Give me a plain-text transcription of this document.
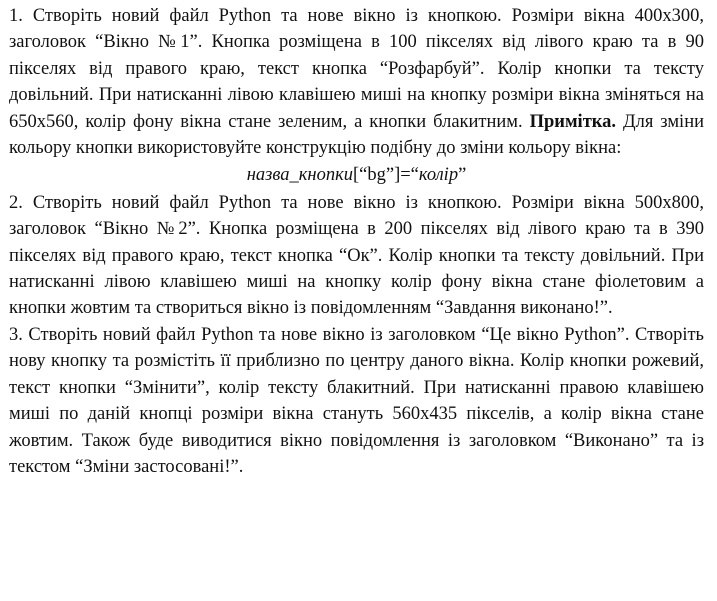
1. Створіть новий файл Python та нове вікно із кнопкою. Розміри вікна 400x300, заголовок “Вікно №1”. Кнопка розміщена в 100 пікселях від лівого краю та в 90 пікселях від правого краю, текст кнопка “Розфарбуй”. Колір кнопки та тексту довільний. При натисканні лівою клавішею миші на кнопку розміри вікна зміняться на 650x560, колір фону вікна стане зеленим, а кнопки блакитним. Примітка. Для зміни кольору кнопки використовуйте конструкцію подібну до зміни кольору вікна:

назва_кнопки[“bg”]=“колір”

2. Створіть новий файл Python та нове вікно із кнопкою. Розміри вікна 500x800, заголовок “Вікно №2”. Кнопка розміщена в 200 пікселях від лівого краю та в 390 пікселях від правого краю, текст кнопка “Ок”. Колір кнопки та тексту довільний. При натисканні лівою клавішею миші на кнопку колір фону вікна стане фіолетовим а кнопки жовтим та створиться вікно із повідомленням “Завдання виконано!”.

3. Створіть новий файл Python та нове вікно із заголовком “Це вікно Python”. Створіть нову кнопку та розмістіть її приблизно по центру даного вікна. Колір кнопки рожевий, текст кнопки “Змінити”, колір тексту блакитний. При натисканні правою клавішею миші по даній кнопці розміри вікна стануть 560x435 пікселів, а колір вікна стане жовтим. Також буде виводитися вікно повідомлення із заголовком “Виконано” та із текстом “Зміни застосовані!”.
